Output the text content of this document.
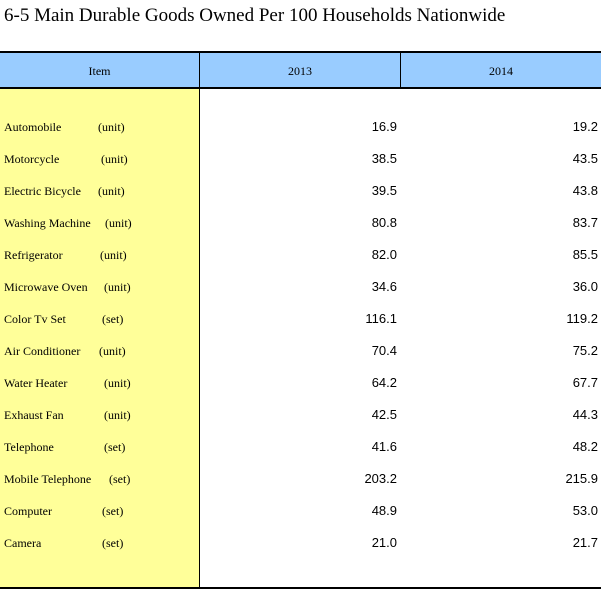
6-5 Main Durable Goods Owned Per 100 Households Nationwide
Item	2013	2014
Automobile	(unit)	16.9	19.2
Motorcycle	(unit)	38.5	43.5
Electric Bicycle (unit)	39.5	43.8
Washing Machine (unit)	80.8	83.7
Refrigerator	(unit)	82.0	85.5
Microwave Oven (unit)	34.6	36.0
Color Tv Set	(set)	116.1	119.2
Air Conditioner (unit)	70.4	75.2
Water Heater	(unit)	64.2	67.7
Exhaust Fan	(unit)	42.5	44.3
Telephone	(set)	41.6	48.2
Mobile Telephone (set)	203.2	215.9
Computer	(set)	48.9	53.0
Camera	(set)	21.0	21.7
